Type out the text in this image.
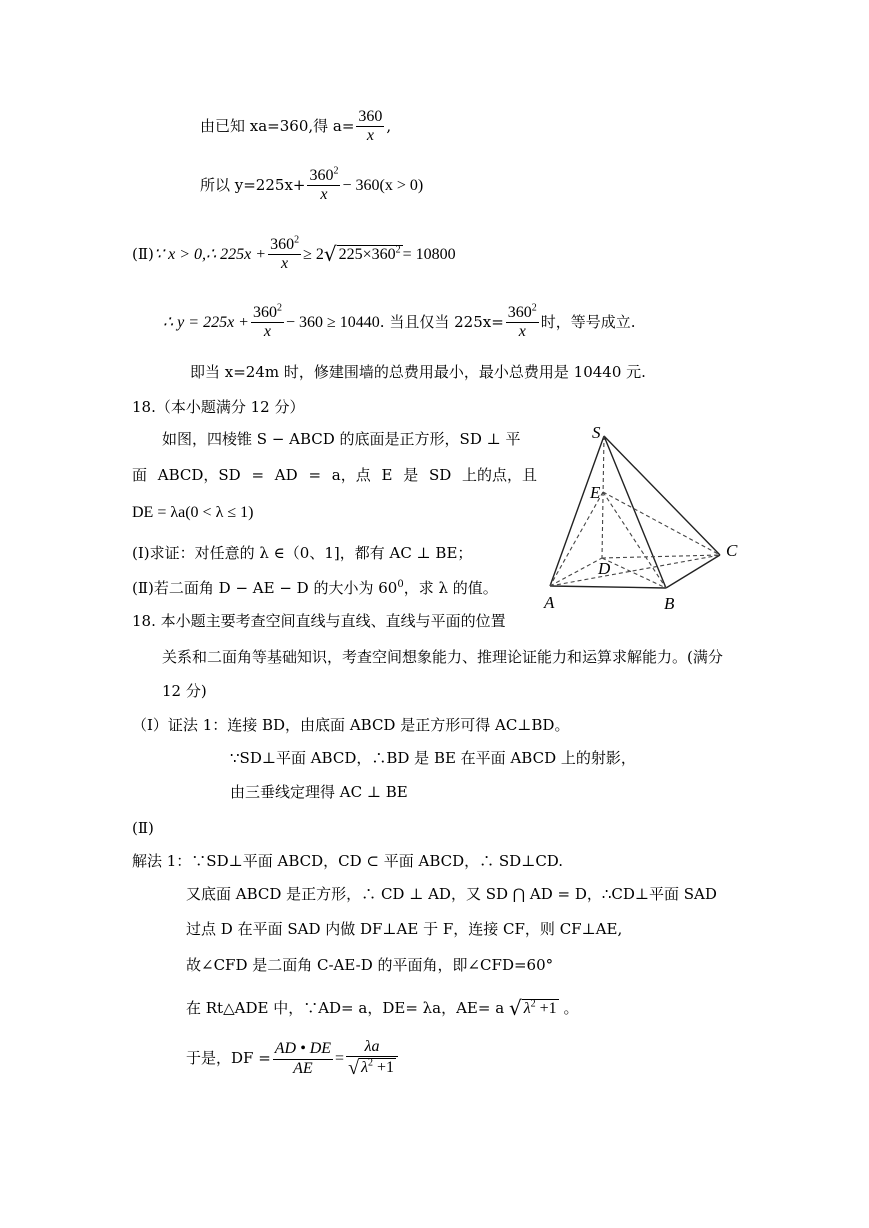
由已知 xa=360,得 $a= \frac{360}{x}$ ,
所以 $y=225x+ \frac{360^2}{x} - 360(x > 0)$
(Ⅱ)∵ x > 0,∴ $225x + \frac{360^2}{x} \ge 2√$ $225\times 360^2 = 10800$
∴ $y = 225x + \frac{360^2}{x} - 360 \ge 10440$. 当且仅当 $225x= \frac{360^2}{x}$ 时，等号成立.
即当 x=24m 时，修建围墙的总费用最小，最小总费用是 10440 元.
18.（本小题满分 12 分）
如图，四棱锥 S − ABCD 的底面是正方形，SD ⊥ 平
面 ABCD，SD = AD = a，点 E 是 SD 上的点，且
DE = λa(0 < λ ≤ 1)
(Ⅰ)求证：对任意的 λ ∈（0、1]，都有 AC ⊥ BE；
(Ⅱ)若二面角 D − AE − D 的大小为 $60^0$，求 λ 的值。
S
E
D
A	B
C
18. 本小题主要考查空间直线与直线、直线与平面的位置
关系和二面角等基础知识，考查空间想象能力、推理论证能力和运算求解能力。(满分
12 分)
（Ⅰ）证法 1：连接 BD，由底面 ABCD 是正方形可得 AC⊥BD。
∵SD⊥平面 ABCD，∴BD 是 BE 在平面 ABCD 上的射影，
由三垂线定理得 AC ⊥ BE
(Ⅱ)
解法 1：∵SD⊥平面 ABCD，CD ⊂ 平面 ABCD，∴ SD⊥CD.
又底面 ABCD 是正方形，∴ CD ⊥ AD，又 SD ⋂ AD = D，∴CD⊥平面 SAD
过点 D 在平面 SAD 内做 DF⊥AE 于 F，连接 CF，则 CF⊥AE,
故∠CFD 是二面角 C-AE-D 的平面角，即∠CFD=60°
在 Rt△ADE 中，∵AD= a，DE= λa，AE= a √ $\lambda^2 +1$ 。
于是，DF = $\frac{AD • DE}{AE} = \frac{\lambda a}{√ \lambda^2 +1}$
